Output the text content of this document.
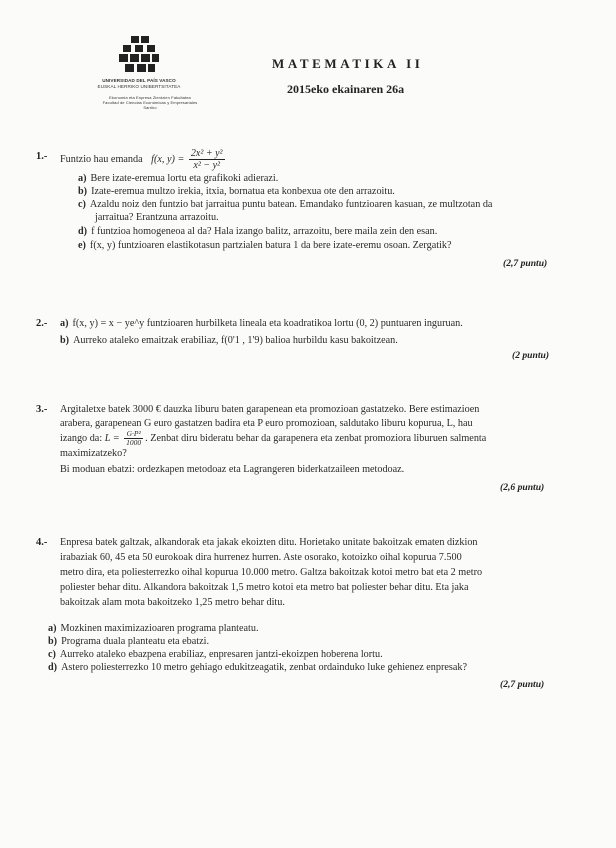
UNIVERSIDAD DEL PAÍS VASCO
EUSKAL HERRIKO UNIBERTSITATEA
Ekonomia eta Enpresa Zientzien Fakultatea
Facultad de Ciencias Económicas y Empresariales
Sarriko
MATEMATIKA II
2015eko ekainaren 26a
1.- Funtzio hau emanda f(x, $y) = \frac{\text{2x² + y²}}{\text{x² − y²}}$
a) Bere izate-eremua lortu eta grafikoki adierazi.
b) Izate-eremua multzo irekia, itxia, bornatua eta konbexua ote den arrazoitu.
c) Azaldu noiz den funtzio bat jarraitua puntu batean. Emandako funtzioaren kasuan, ze multzotan da
jarraitua? Erantzuna arrazoitu.
d) f funtzioa homogeneoa al da? Hala izango balitz, arrazoitu, bere maila zein den esan.
e) f(x, y) funtzioaren elastikotasun partzialen batura 1 da bere izate-eremu osoan. Zergatik?
(2,7 puntu)
2.- a) f(x, y) = x − ye^y funtzioaren hurbilketa lineala eta koadratikoa lortu (0, 2) puntuaren inguruan.
b) Aurreko ataleko emaitzak erabiliaz, f(0'1 , 1'9) balioa hurbildu kasu bakoitzean.
(2 puntu)
3.- Argitaletxe batek 3000 € dauzka liburu baten garapenean eta promozioan gastatzeko. Bere estimazioen
arabera, garapenean G euro gastatzen badira eta P euro promozioan, saldutako liburu kopurua, L, hau
izango da: $L = \frac{\text{G·P²}}{1000}$ . Zenbat diru bideratu behar da garapenera eta zenbat promoziora liburuen salmenta
maximizatzeko?
Bi moduan ebatzi: ordezkapen metodoaz eta Lagrangeren biderkatzaileen metodoaz.
(2,6 puntu)
4.- Enpresa batek galtzak, alkandorak eta jakak ekoizten ditu. Horietako unitate bakoitzak ematen dizkion
irabaziak 60, 45 eta 50 eurokoak dira hurrenez hurren. Aste osorako, kotoizko oihal kopurua 7.500
metro dira, eta poliesterrezko oihal kopurua 10.000 metro. Galtza bakoitzak kotoi metro bat eta 2 metro
poliester behar ditu. Alkandora bakoitzak 1,5 metro kotoi eta metro bat poliester behar ditu. Eta jaka
bakoitzak alam mota bakoitzeko 1,25 metro behar ditu.
a) Mozkinen maximizazioaren programa planteatu.
b) Programa duala planteatu eta ebatzi.
c) Aurreko ataleko ebazpena erabiliaz, enpresaren jantzi-ekoizpen hoberena lortu.
d) Astero poliesterrezko 10 metro gehiago edukitzeagatik, zenbat ordainduko luke gehienez enpresak?
(2,7 puntu)
